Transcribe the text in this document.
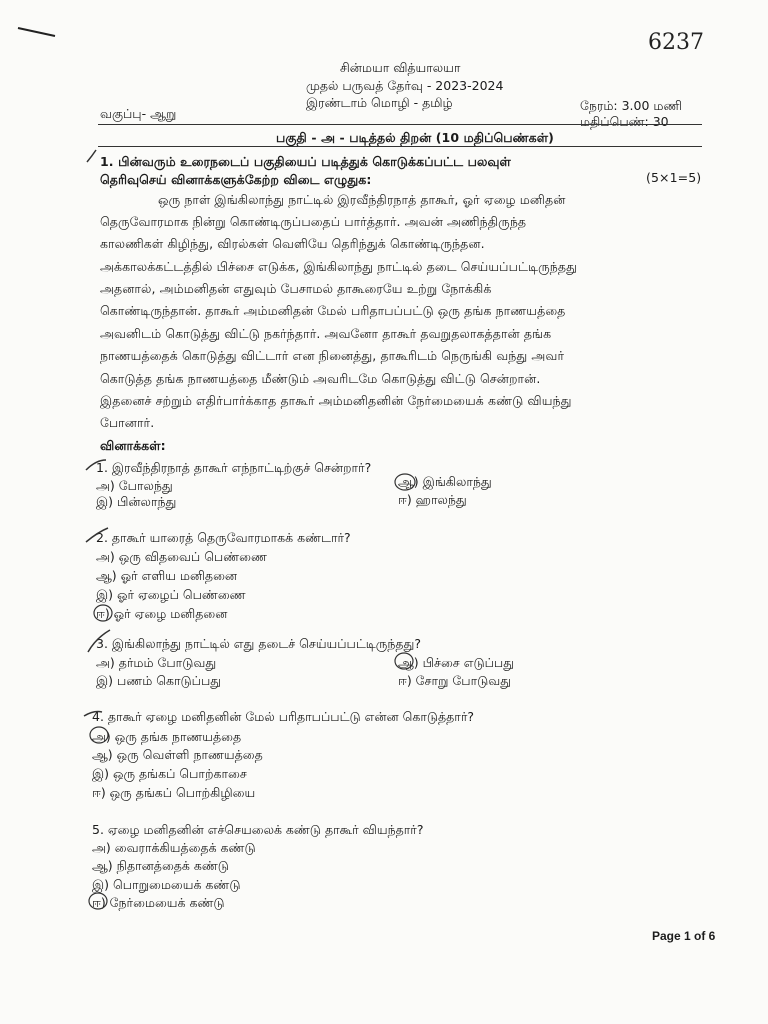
6237
சின்மயா வித்யாலயா
முதல் பருவத் தேர்வு - 2023-2024
இரண்டாம் மொழி - தமிழ்
வகுப்பு- ஆறு
நேரம்: 3.00 மணி
மதிப்பெண்: 30
பகுதி - அ - படித்தல் திறன் (10 மதிப்பெண்கள்)
1. பின்வரும் உரைநடைப் பகுதியைப் படித்துக் கொடுக்கப்பட்ட பலவுள்
தெரிவுசெய் வினாக்களுக்கேற்ற விடை எழுதுக:	(5×1=5)
ஒரு நாள் இங்கிலாந்து நாட்டில் இரவீந்திரநாத் தாகூர், ஓர் ஏழை மனிதன்
தெருவோரமாக நின்று கொண்டிருப்பதைப் பார்த்தார். அவன் அணிந்திருந்த
காலணிகள் கிழிந்து, விரல்கள் வெளியே தெரிந்துக் கொண்டிருந்தன.
அக்காலக்கட்டத்தில் பிச்சை எடுக்க, இங்கிலாந்து நாட்டில் தடை செய்யப்பட்டிருந்தது
அதனால், அம்மனிதன் எதுவும் பேசாமல் தாகூரையே உற்று நோக்கிக்
கொண்டிருந்தான். தாகூர் அம்மனிதன் மேல் பரிதாபப்பட்டு ஒரு தங்க நாணயத்தை
அவனிடம் கொடுத்து விட்டு நகர்ந்தார். அவனோ தாகூர் தவறுதலாகத்தான் தங்க
நாணயத்தைக் கொடுத்து விட்டார் என நினைத்து, தாகூரிடம் நெருங்கி வந்து அவர்
கொடுத்த தங்க நாணயத்தை மீண்டும் அவரிடமே கொடுத்து விட்டு சென்றான்.
இதனைச் சற்றும் எதிர்பார்க்காத தாகூர் அம்மனிதனின் நேர்மையைக் கண்டு வியந்து
போனார்.
வினாக்கள்:
1. இரவீந்திரநாத் தாகூர் எந்நாட்டிற்குச் சென்றார்?
அ) போலந்து	ஆ) இங்கிலாந்து
இ) பின்லாந்து	ஈ) ஹாலந்து
2. தாகூர் யாரைத் தெருவோரமாகக் கண்டார்?
அ) ஒரு விதவைப் பெண்ணை
ஆ) ஓர் எளிய மனிதனை
இ) ஓர் ஏழைப் பெண்ணை
ஈ) ஓர் ஏழை மனிதனை
3. இங்கிலாந்து நாட்டில் எது தடைச் செய்யப்பட்டிருந்தது?
அ) தர்மம் போடுவது	ஆ) பிச்சை எடுப்பது
இ) பணம் கொடுப்பது	ஈ) சோறு போடுவது
4. தாகூர் ஏழை மனிதனின் மேல் பரிதாபப்பட்டு என்ன கொடுத்தார்?
அ) ஒரு தங்க நாணயத்தை
ஆ) ஒரு வெள்ளி நாணயத்தை
இ) ஒரு தங்கப் பொற்காசை
ஈ) ஒரு தங்கப் பொற்கிழியை
5. ஏழை மனிதனின் எச்செயலைக் கண்டு தாகூர் வியந்தார்?
அ) வைராக்கியத்தைக் கண்டு
ஆ) நிதானத்தைக் கண்டு
இ) பொறுமையைக் கண்டு
ஈ) நேர்மையைக் கண்டு
Page 1 of 6
